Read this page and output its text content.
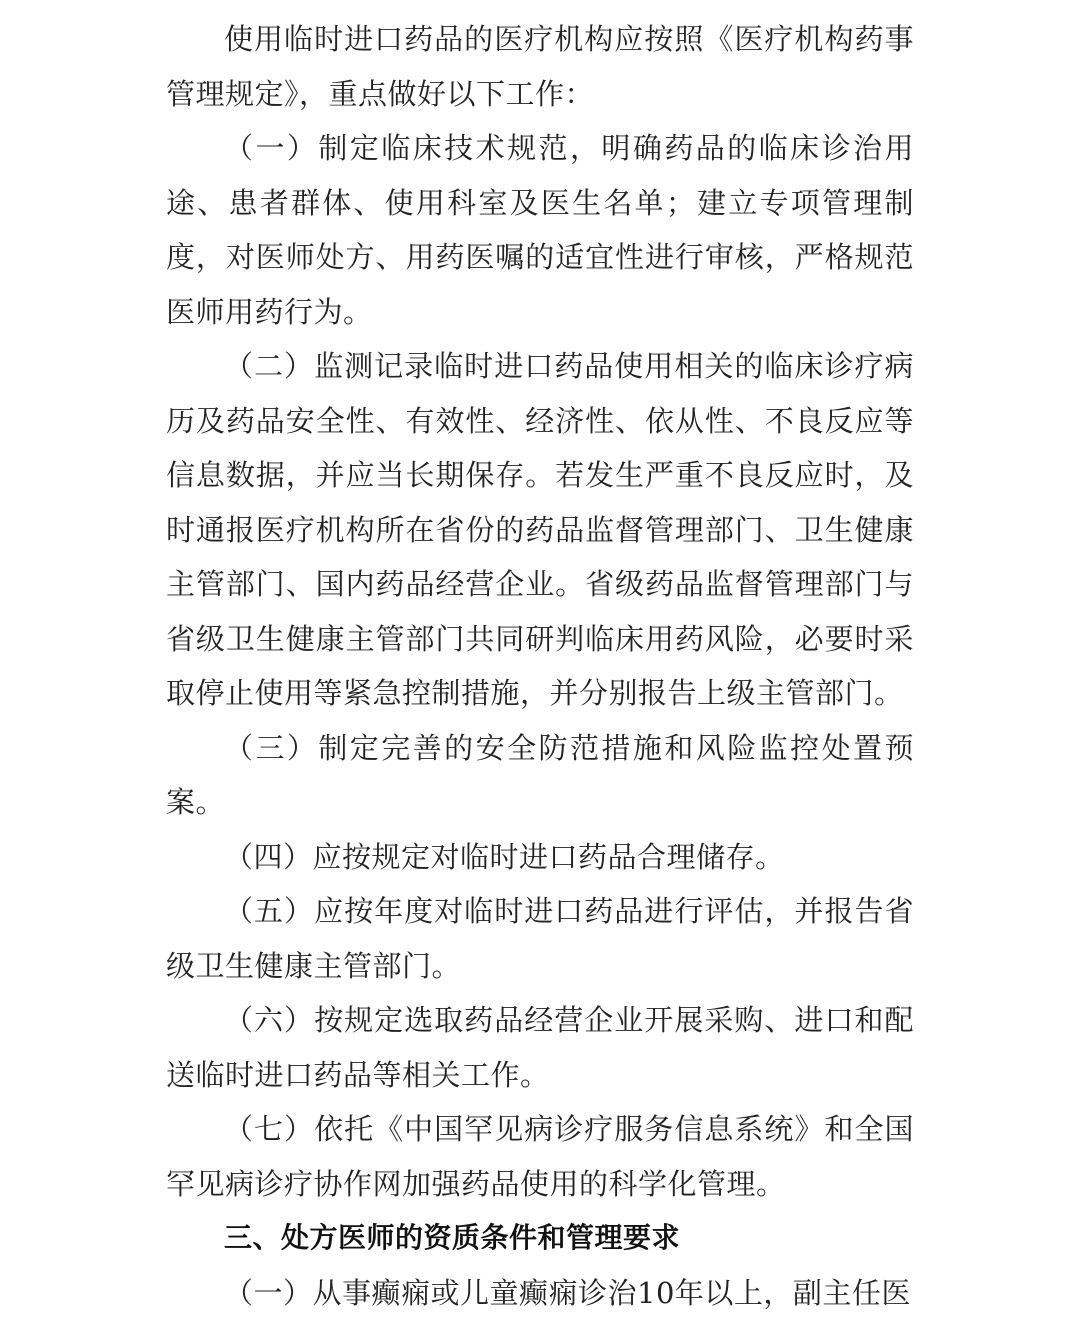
使用临时进口药品的医疗机构应按照《医疗机构药事管理规定》，重点做好以下工作：

（一）制定临床技术规范，明确药品的临床诊治用途、患者群体、使用科室及医生名单；建立专项管理制度，对医师处方、用药医嘱的适宜性进行审核，严格规范医师用药行为。

（二）监测记录临时进口药品使用相关的临床诊疗病历及药品安全性、有效性、经济性、依从性、不良反应等信息数据，并应当长期保存。若发生严重不良反应时，及时通报医疗机构所在省份的药品监督管理部门、卫生健康主管部门、国内药品经营企业。省级药品监督管理部门与省级卫生健康主管部门共同研判临床用药风险，必要时采取停止使用等紧急控制措施，并分别报告上级主管部门。

（三）制定完善的安全防范措施和风险监控处置预案。

（四）应按规定对临时进口药品合理储存。

（五）应按年度对临时进口药品进行评估，并报告省级卫生健康主管部门。

（六）按规定选取药品经营企业开展采购、进口和配送临时进口药品等相关工作。

（七）依托《中国罕见病诊疗服务信息系统》和全国罕见病诊疗协作网加强药品使用的科学化管理。

三、处方医师的资质条件和管理要求

（一）从事癫痫或儿童癫痫诊治10年以上，副主任医
